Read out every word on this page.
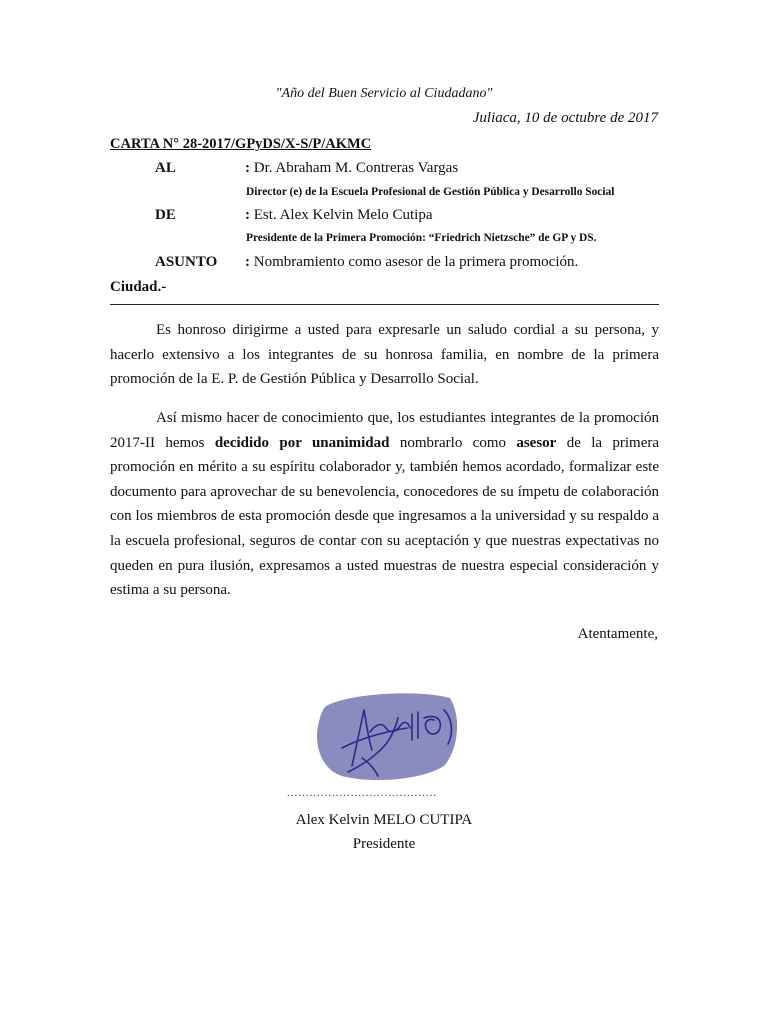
"Año del Buen Servicio al Ciudadano"
Juliaca, 10 de octubre de 2017
CARTA N° 28-2017/GPyDS/X-S/P/AKMC
AL	: Dr. Abraham M. Contreras Vargas
Director (e) de la Escuela Profesional de Gestión Pública y Desarrollo Social
DE	: Est. Alex Kelvin Melo Cutipa
Presidente de la Primera Promoción: “Friedrich Nietzsche” de GP y DS.
ASUNTO	: Nombramiento como asesor de la primera promoción.
Ciudad.-

Es honroso dirigirme a usted para expresarle un saludo cordial a su persona, y hacerlo extensivo a los integrantes de su honrosa familia, en nombre de la primera promoción de la E. P. de Gestión Pública y Desarrollo Social.

Así mismo hacer de conocimiento que, los estudiantes integrantes de la promoción 2017-II hemos decidido por unanimidad nombrarlo como asesor de la primera promoción en mérito a su espíritu colaborador y, también hemos acordado, formalizar este documento para aprovechar de su benevolencia, conocedores de su ímpetu de colaboración con los miembros de esta promoción desde que ingresamos a la universidad y su respaldo a la escuela profesional, seguros de contar con su aceptación y que nuestras expectativas no queden en pura ilusión, expresamos a usted muestras de nuestra especial consideración y estima a su persona.

Atentamente,
........................................
Alex Kelvin MELO CUTIPA
Presidente
